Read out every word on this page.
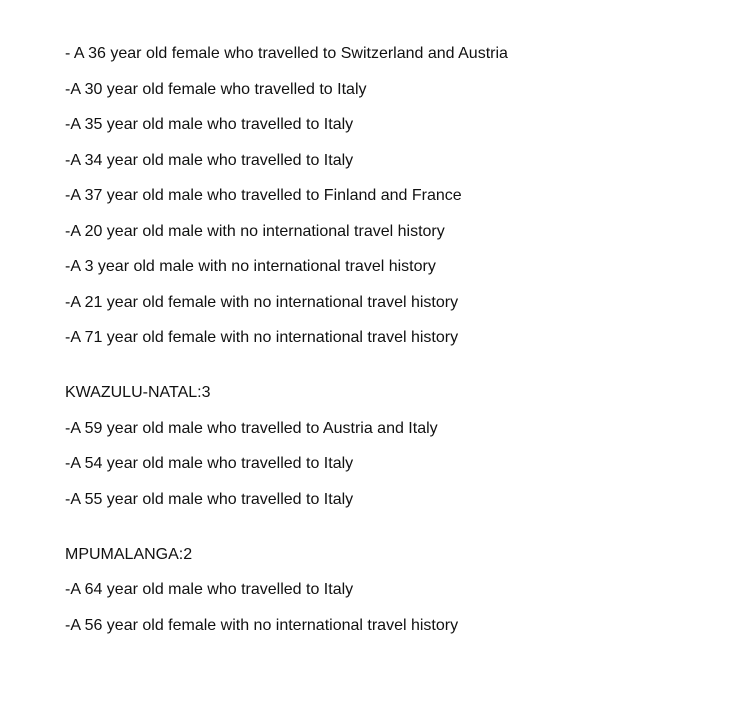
- A 36 year old female who travelled to Switzerland and Austria
-A 30 year old female who travelled to Italy
-A 35 year old male who travelled to Italy
-A 34 year old male who travelled to Italy
-A 37 year old male who travelled to Finland and France
-A 20 year old male with no international travel history
-A 3 year old male with no international travel history
-A 21 year old female with no international travel history
-A 71 year old female with no international travel history
KWAZULU-NATAL:3
-A 59 year old male who travelled to Austria and Italy
-A 54 year old male who travelled to Italy
-A 55 year old male who travelled to Italy
MPUMALANGA:2
-A 64 year old male who travelled to Italy
-A 56 year old female with no international travel history
